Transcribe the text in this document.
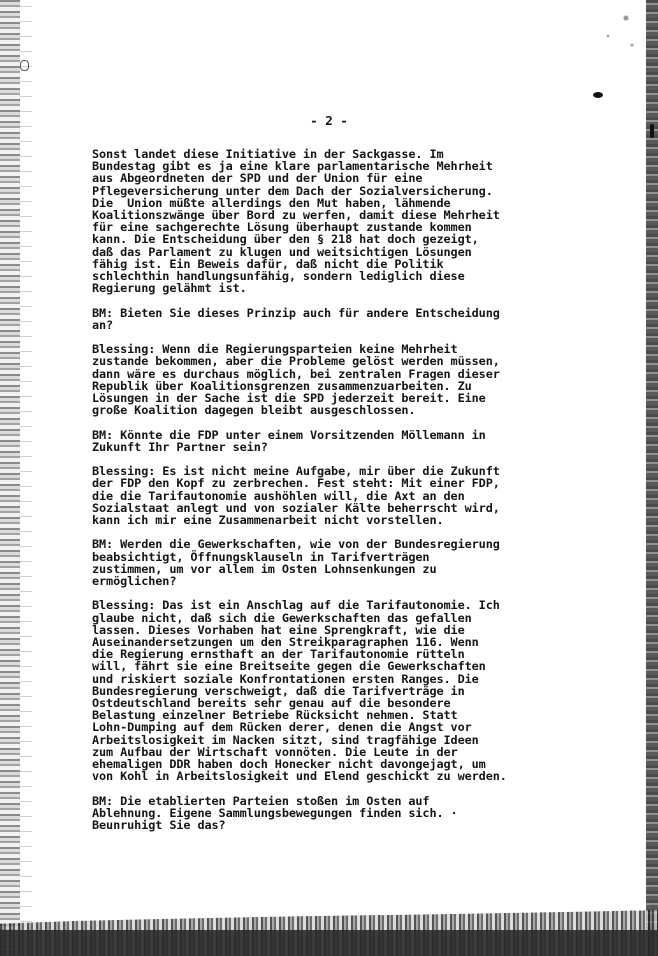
- 2 -
Sonst landet diese Initiative in der Sackgasse. Im
Bundestag gibt es ja eine klare parlamentarische Mehrheit
aus Abgeordneten der SPD und der Union für eine
Pflegeversicherung unter dem Dach der Sozialversicherung.
Die  Union müßte allerdings den Mut haben, lähmende
Koalitionszwänge über Bord zu werfen, damit diese Mehrheit
für eine sachgerechte Lösung überhaupt zustande kommen
kann. Die Entscheidung über den § 218 hat doch gezeigt,
daß das Parlament zu klugen und weitsichtigen Lösungen
fähig ist. Ein Beweis dafür, daß nicht die Politik
schlechthin handlungsunfähig, sondern lediglich diese
Regierung gelähmt ist.
BM: Bieten Sie dieses Prinzip auch für andere Entscheidung
an?
Blessing: Wenn die Regierungsparteien keine Mehrheit
zustande bekommen, aber die Probleme gelöst werden müssen,
dann wäre es durchaus möglich, bei zentralen Fragen dieser
Republik über Koalitionsgrenzen zusammenzuarbeiten. Zu
Lösungen in der Sache ist die SPD jederzeit bereit. Eine
große Koalition dagegen bleibt ausgeschlossen.
BM: Könnte die FDP unter einem Vorsitzenden Möllemann in
Zukunft Ihr Partner sein?
Blessing: Es ist nicht meine Aufgabe, mir über die Zukunft
der FDP den Kopf zu zerbrechen. Fest steht: Mit einer FDP,
die die Tarifautonomie aushöhlen will, die Axt an den
Sozialstaat anlegt und von sozialer Kälte beherrscht wird,
kann ich mir eine Zusammenarbeit nicht vorstellen.
BM: Werden die Gewerkschaften, wie von der Bundesregierung
beabsichtigt, Öffnungsklauseln in Tarifverträgen
zustimmen, um vor allem im Osten Lohnsenkungen zu
ermöglichen?
Blessing: Das ist ein Anschlag auf die Tarifautonomie. Ich
glaube nicht, daß sich die Gewerkschaften das gefallen
lassen. Dieses Vorhaben hat eine Sprengkraft, wie die
Auseinandersetzungen um den Streikparagraphen 116. Wenn
die Regierung ernsthaft an der Tarifautonomie rütteln
will, fährt sie eine Breitseite gegen die Gewerkschaften
und riskiert soziale Konfrontationen ersten Ranges. Die
Bundesregierung verschweigt, daß die Tarifverträge in
Ostdeutschland bereits sehr genau auf die besondere
Belastung einzelner Betriebe Rücksicht nehmen. Statt
Lohn-Dumping auf dem Rücken derer, denen die Angst vor
Arbeitslosigkeit im Nacken sitzt, sind tragfähige Ideen
zum Aufbau der Wirtschaft vonnöten. Die Leute in der
ehemaligen DDR haben doch Honecker nicht davongejagt, um
von Kohl in Arbeitslosigkeit und Elend geschickt zu werden.
BM: Die etablierten Parteien stoßen im Osten auf
Ablehnung. Eigene Sammlungsbewegungen finden sich. ·
Beunruhigt Sie das?
